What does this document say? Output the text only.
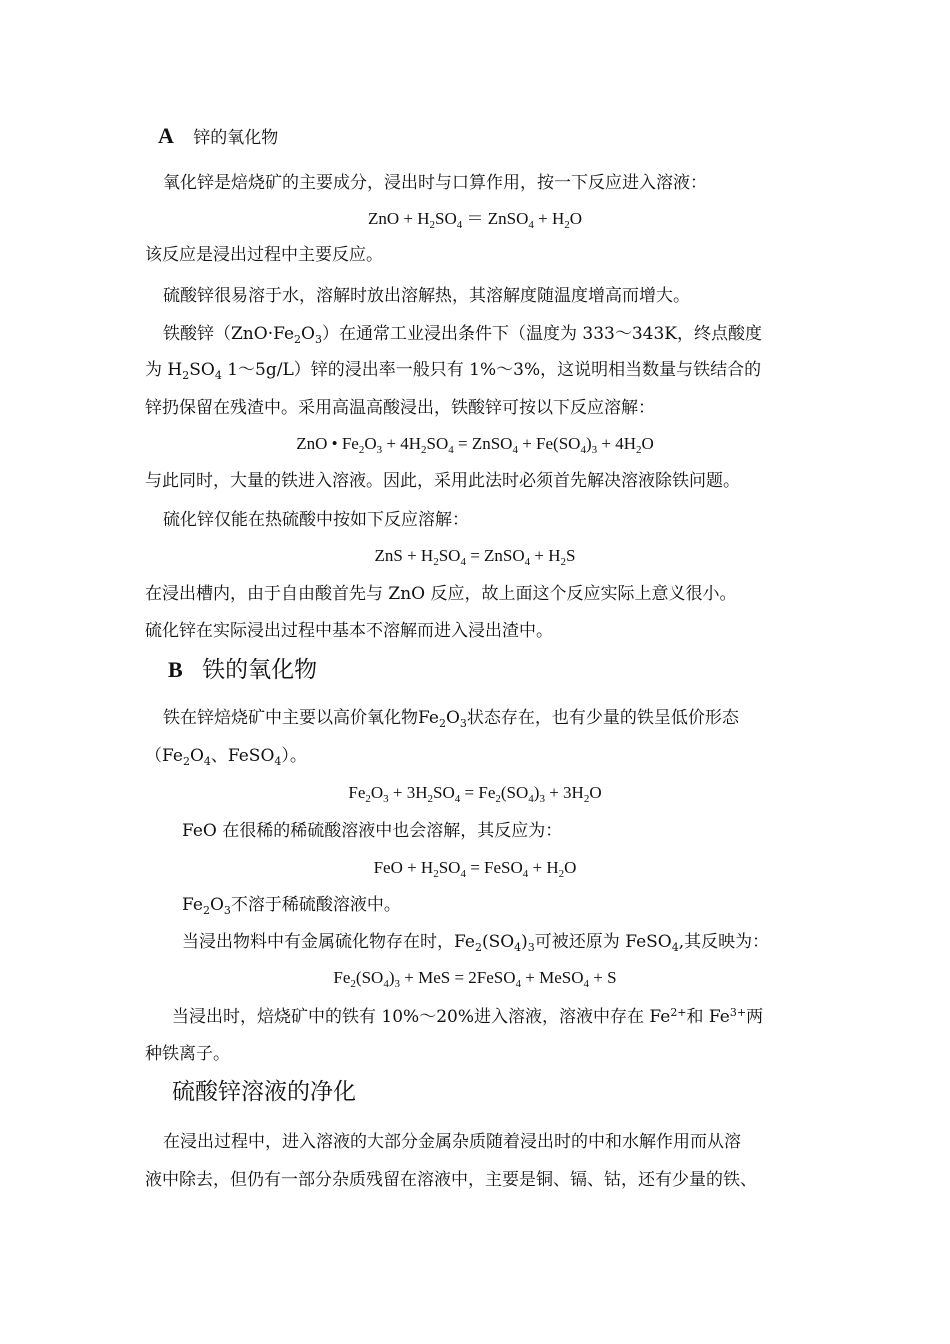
A 锌的氧化物
氧化锌是焙烧矿的主要成分，浸出时与口算作用，按一下反应进入溶液：
ZnO + $H_2SO_4$ ＝ ZnSO$_4$ + $H_2O$
该反应是浸出过程中主要反应。
硫酸锌很易溶于水，溶解时放出溶解热，其溶解度随温度增高而增大。
铁酸锌$(ZnO\cdot Fe_2O_3)$在通常工业浸出条件下（温度为 333～343K，终点酸度
为 $H_2SO_4$ 1～5g/L）锌的浸出率一般只有 1%～3%，这说明相当数量与铁结合的
锌扔保留在残渣中。采用高温高酸浸出，铁酸锌可按以下反应溶解：
ZnO • $Fe_2O_3 + 4H_2SO_4$ = ZnSO$_4$ + $Fe(SO_4)_3 + 4H_2O$
与此同时，大量的铁进入溶液。因此，采用此法时必须首先解决溶液除铁问题。
硫化锌仅能在热硫酸中按如下反应溶解：
ZnS + $H_2SO_4$ = ZnSO$_4$ + $H_2S$
在浸出槽内，由于自由酸首先与 ZnO 反应，故上面这个反应实际上意义很小。
硫化锌在实际浸出过程中基本不溶解而进入浸出渣中。
B 铁的氧化物
铁在锌焙烧矿中主要以高价氧化物$Fe_2O_3$状态存在，也有少量的铁呈低价形态
（$Fe_2O_4$、FeSO$_4$）。
$Fe_2O_3 + 3H_2SO_4 = Fe_2(SO_4)_3 + 3H_2O$
FeO 在很稀的稀硫酸溶液中也会溶解，其反应为：
FeO + $H_2SO_4$ = FeSO$_4$ + $H_2O$
$Fe_2O_3$不溶于稀硫酸溶液中。
当浸出物料中有金属硫化物存在时，$Fe_2(SO_4)_3$可被还原为 FeSO$_4$,其反映为：
$Fe_2(SO_4)_3$ + MeS = 2FeSO$_4$ + MeSO$_4$ + S
当浸出时，焙烧矿中的铁有 10%～20%进入溶液，溶液中存在 $Fe^{2+}$和 $Fe^{3+}$两
种铁离子。
硫酸锌溶液的净化
在浸出过程中，进入溶液的大部分金属杂质随着浸出时的中和水解作用而从溶
液中除去，但仍有一部分杂质残留在溶液中，主要是铜、镉、钴，还有少量的铁、
